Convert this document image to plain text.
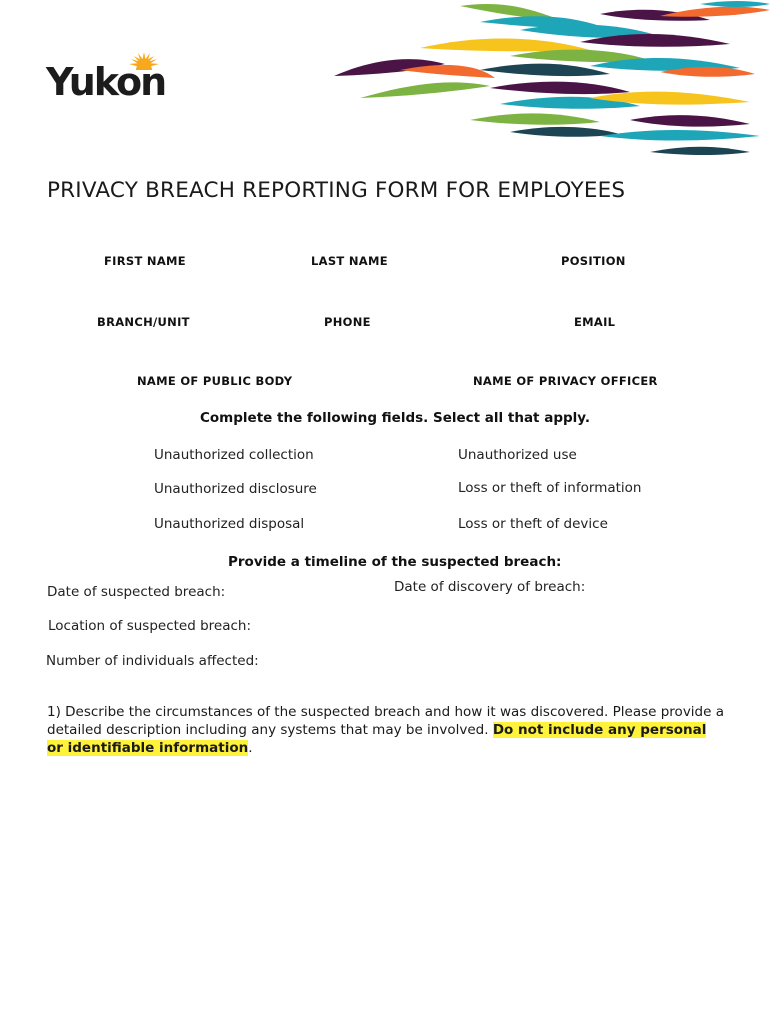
Yukon
PRIVACY BREACH REPORTING FORM FOR EMPLOYEES
FIRST NAME	LAST NAME	POSITION
BRANCH/UNIT	PHONE	EMAIL
NAME OF PUBLIC BODY	NAME OF PRIVACY OFFICER
Complete the following fields. Select all that apply.
Unauthorized collection	Unauthorized use
Unauthorized disclosure	Loss or theft of information
Unauthorized disposal	Loss or theft of device
Provide a timeline of the suspected breach:
Date of suspected breach:	Date of discovery of breach:
Location of suspected breach:
Number of individuals affected:
1) Describe the circumstances of the suspected breach and how it was discovered. Please provide a detailed description including any systems that may be involved. Do not include any personal or identifiable information.
